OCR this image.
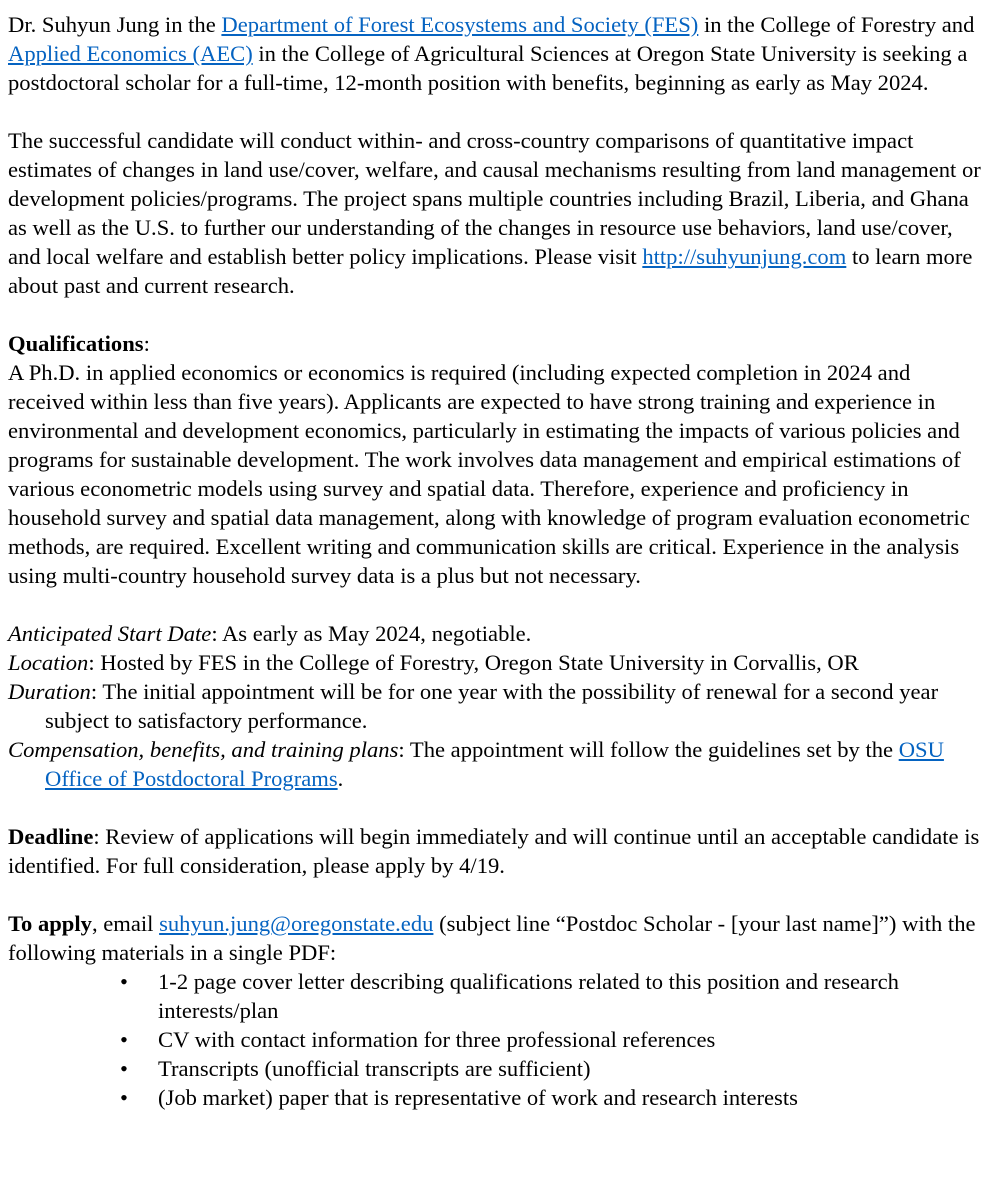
Dr. Suhyun Jung in the Department of Forest Ecosystems and Society (FES) in the College of Forestry and Applied Economics (AEC) in the College of Agricultural Sciences at Oregon State University is seeking a postdoctoral scholar for a full-time, 12-month position with benefits, beginning as early as May 2024.

The successful candidate will conduct within- and cross-country comparisons of quantitative impact estimates of changes in land use/cover, welfare, and causal mechanisms resulting from land management or development policies/programs. The project spans multiple countries including Brazil, Liberia, and Ghana as well as the U.S. to further our understanding of the changes in resource use behaviors, land use/cover, and local welfare and establish better policy implications. Please visit http://suhyunjung.com to learn more about past and current research.

Qualifications:

A Ph.D. in applied economics or economics is required (including expected completion in 2024 and received within less than five years). Applicants are expected to have strong training and experience in environmental and development economics, particularly in estimating the impacts of various policies and programs for sustainable development. The work involves data management and empirical estimations of various econometric models using survey and spatial data. Therefore, experience and proficiency in household survey and spatial data management, along with knowledge of program evaluation econometric methods, are required. Excellent writing and communication skills are critical. Experience in the analysis using multi-country household survey data is a plus but not necessary.

Anticipated Start Date: As early as May 2024, negotiable.

Location: Hosted by FES in the College of Forestry, Oregon State University in Corvallis, OR

Duration: The initial appointment will be for one year with the possibility of renewal for a second year subject to satisfactory performance.

Compensation, benefits, and training plans: The appointment will follow the guidelines set by the OSU Office of Postdoctoral Programs.

Deadline: Review of applications will begin immediately and will continue until an acceptable candidate is identified. For full consideration, please apply by 4/19.

To apply, email suhyun.jung@oregonstate.edu (subject line “Postdoc Scholar - [your last name]”) with the following materials in a single PDF:

• 1-2 page cover letter describing qualifications related to this position and research interests/plan
• CV with contact information for three professional references
• Transcripts (unofficial transcripts are sufficient)
• (Job market) paper that is representative of work and research interests
